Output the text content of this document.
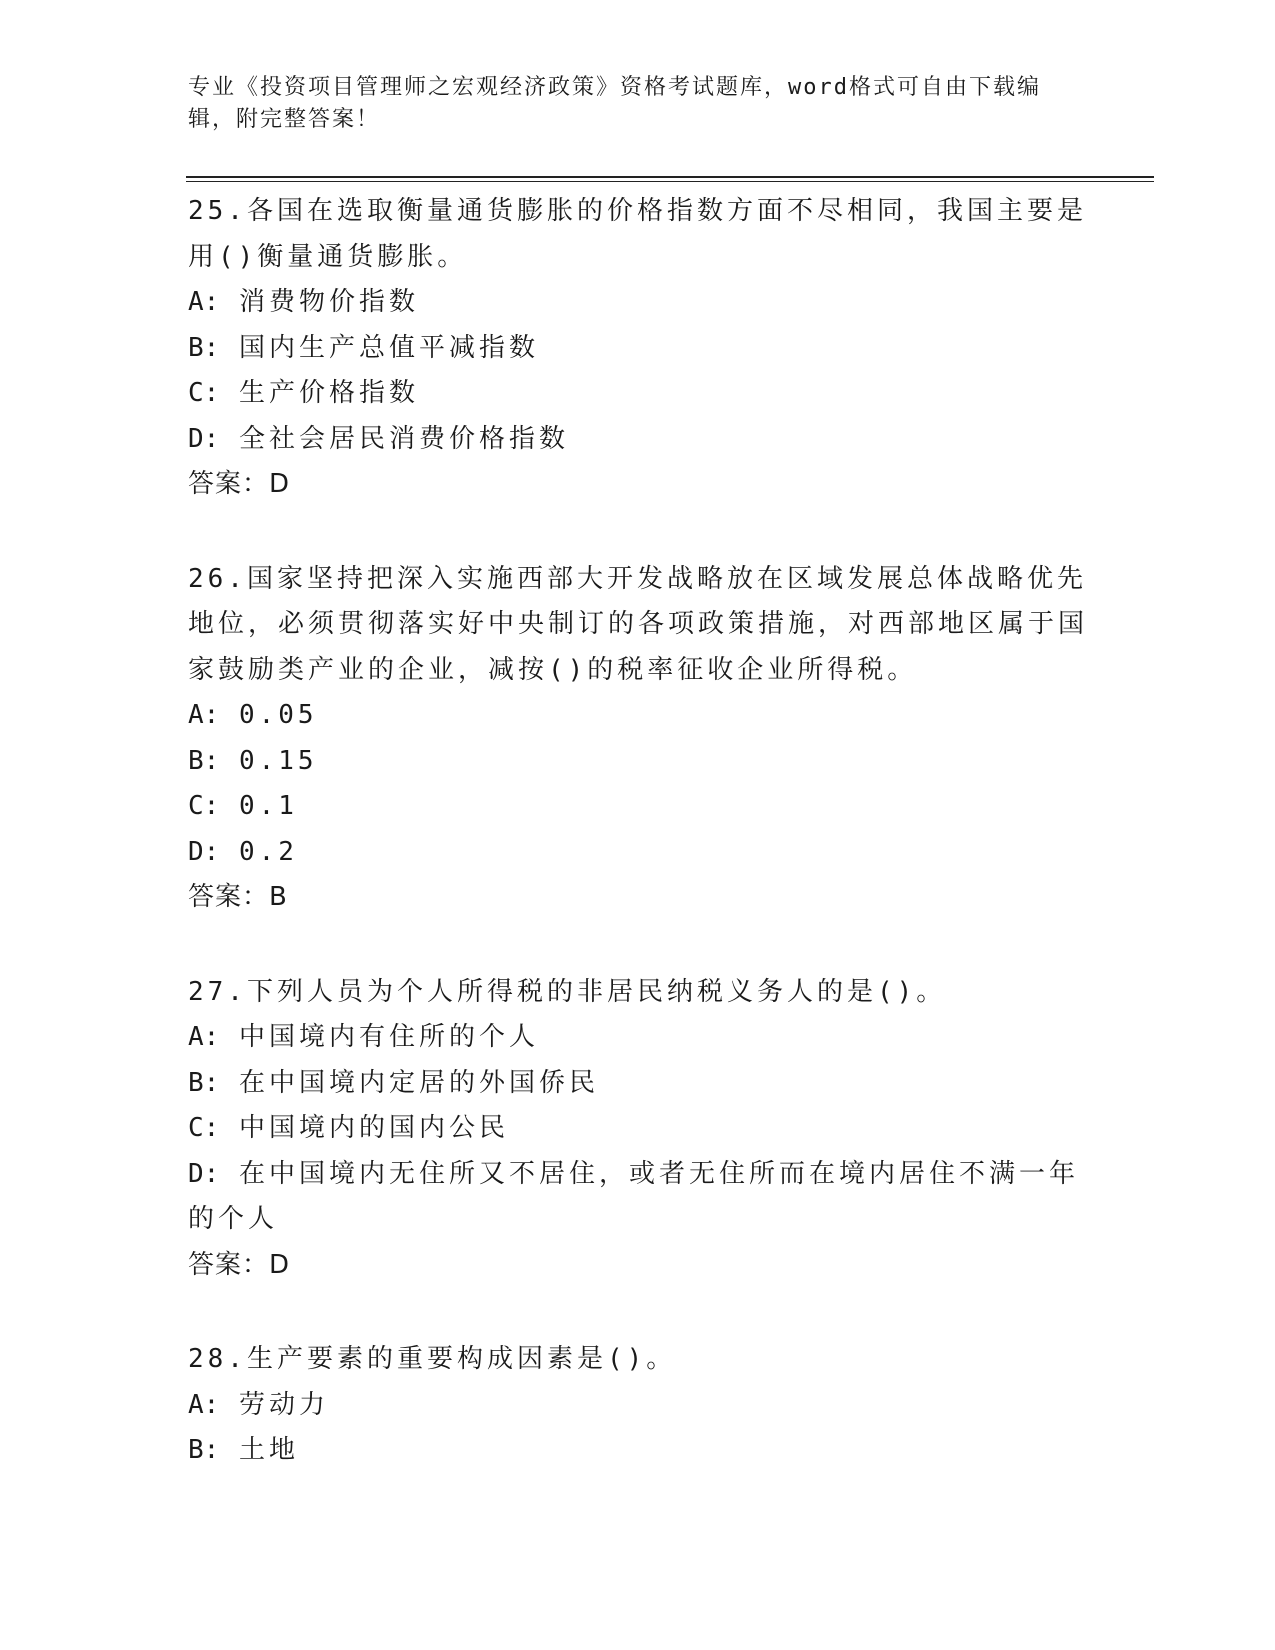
专业《投资项目管理师之宏观经济政策》资格考试题库，word格式可自由下载编辑，附完整答案！
25.各国在选取衡量通货膨胀的价格指数方面不尽相同，我国主要是用()衡量通货膨胀。
A: 消费物价指数
B: 国内生产总值平减指数
C: 生产价格指数
D: 全社会居民消费价格指数
答案：D
26.国家坚持把深入实施西部大开发战略放在区域发展总体战略优先地位，必须贯彻落实好中央制订的各项政策措施，对西部地区属于国家鼓励类产业的企业，减按()的税率征收企业所得税。
A: 0.05
B: 0.15
C: 0.1
D: 0.2
答案：B
27.下列人员为个人所得税的非居民纳税义务人的是()。
A: 中国境内有住所的个人
B: 在中国境内定居的外国侨民
C: 中国境内的国内公民
D: 在中国境内无住所又不居住，或者无住所而在境内居住不满一年的个人
答案：D
28.生产要素的重要构成因素是()。
A: 劳动力
B: 土地
